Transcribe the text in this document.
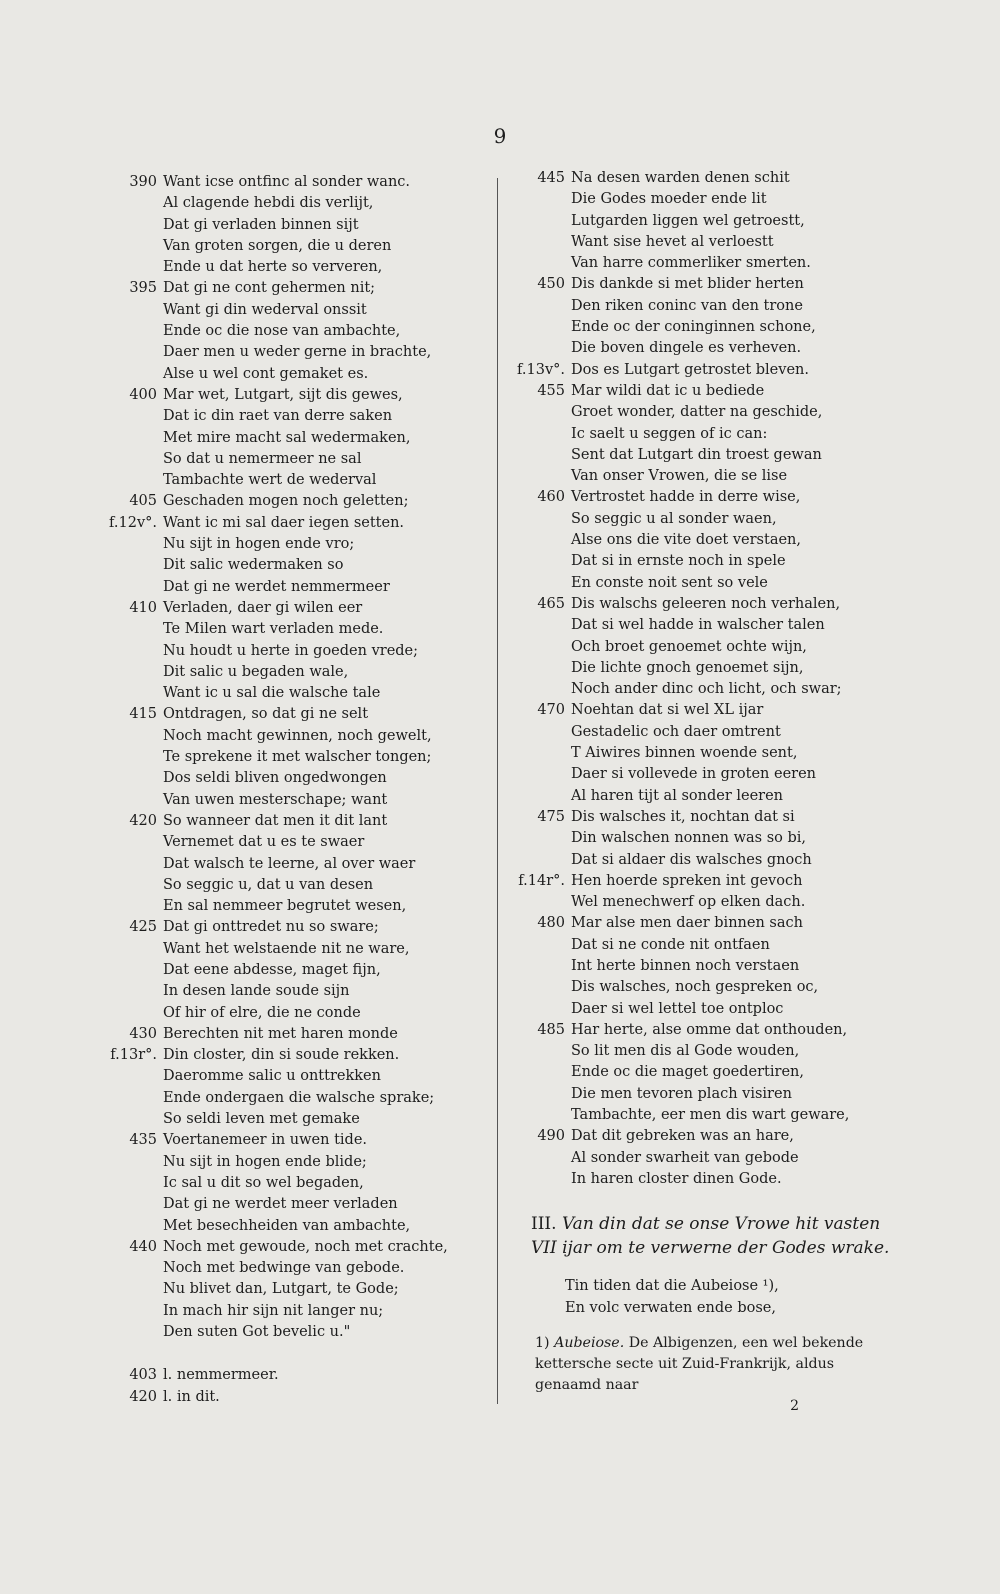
9
390 Want icse ontfinc al sonder wanc.
Al clagende hebdi dis verlijt,
Dat gi verladen binnen sijt
Van groten sorgen, die u deren
Ende u dat herte so ververen,
395 Dat gi ne cont gehermen nit;
Want gi din wederval onssit
Ende oc die nose van ambachte,
Daer men u weder gerne in brachte,
Alse u wel cont gemaket es.
400 Mar wet, Lutgart, sijt dis gewes,
Dat ic din raet van derre saken
Met mire macht sal wedermaken,
So dat u nemermeer ne sal
Tambachte wert de wederval
405 Geschaden mogen noch geletten;
f.12v°. Want ic mi sal daer iegen setten.
Nu sijt in hogen ende vro;
Dit salic wedermaken so
Dat gi ne werdet nemmermeer
410 Verladen, daer gi wilen eer
Te Milen wart verladen mede.
Nu houdt u herte in goeden vrede;
Dit salic u begaden wale,
Want ic u sal die walsche tale
415 Ontdragen, so dat gi ne selt
Noch macht gewinnen, noch gewelt,
Te sprekene it met walscher tongen;
Dos seldi bliven ongedwongen
Van uwen mesterschape; want
420 So wanneer dat men it dit lant
Vernemet dat u es te swaer
Dat walsch te leerne, al over waer
So seggic u, dat u van desen
En sal nemmeer begrutet wesen,
425 Dat gi onttredet nu so sware;
Want het welstaende nit ne ware,
Dat eene abdesse, maget fijn,
In desen lande soude sijn
Of hir of elre, die ne conde
430 Berechten nit met haren monde
f.13r°. Din closter, din si soude rekken.
Daeromme salic u onttrekken
Ende ondergaen die walsche sprake;
So seldi leven met gemake
435 Voertanemeer in uwen tide.
Nu sijt in hogen ende blide;
Ic sal u dit so wel begaden,
Dat gi ne werdet meer verladen
Met besechheiden van ambachte,
440 Noch met gewoude, noch met crachte,
Noch met bedwinge van gebode.
Nu blivet dan, Lutgart, te Gode;
In mach hir sijn nit langer nu;
Den suten Got bevelic u."
403 l. nemmermeer.
420 l. in dit.
445 Na desen warden denen schit
Die Godes moeder ende lit
Lutgarden liggen wel getroestt,
Want sise hevet al verloestt
Van harre commerliker smerten.
450 Dis dankde si met blider herten
Den riken coninc van den trone
Ende oc der coninginnen schone,
Die boven dingele es verheven.
f.13v°. Dos es Lutgart getrostet bleven.
455 Mar wildi dat ic u bediede
Groet wonder, datter na geschide,
Ic saelt u seggen of ic can:
Sent dat Lutgart din troest gewan
Van onser Vrowen, die se lise
460 Vertrostet hadde in derre wise,
So seggic u al sonder waen,
Alse ons die vite doet verstaen,
Dat si in ernste noch in spele
En conste noit sent so vele
465 Dis walschs geleeren noch verhalen,
Dat si wel hadde in walscher talen
Och broet genoemet ochte wijn,
Die lichte gnoch genoemet sijn,
Noch ander dinc och licht, och swar;
470 Noehtan dat si wel XL ijar
Gestadelic och daer omtrent
T Aiwires binnen woende sent,
Daer si vollevede in groten eeren
Al haren tijt al sonder leeren
475 Dis walsches it, nochtan dat si
Din walschen nonnen was so bi,
Dat si aldaer dis walsches gnoch
f.14r°. Hen hoerde spreken int gevoch
Wel menechwerf op elken dach.
480 Mar alse men daer binnen sach
Dat si ne conde nit ontfaen
Int herte binnen noch verstaen
Dis walsches, noch gespreken oc,
Daer si wel lettel toe ontploc
485 Har herte, alse omme dat onthouden,
So lit men dis al Gode wouden,
Ende oc die maget goedertiren,
Die men tevoren plach visiren
Tambachte, eer men dis wart geware,
490 Dat dit gebreken was an hare,
Al sonder swarheit van gebode
In haren closter dinen Gode.
III. Van din dat se onse Vrowe hit vasten VII ijar om te verwerne der Godes wrake.
Tin tiden dat die Aubeiose ¹),
En volc verwaten ende bose,
1) Aubeiose. De Albigenzen, een wel bekende kettersche secte uit Zuid-Frankrijk, aldus genaamd naar
2
